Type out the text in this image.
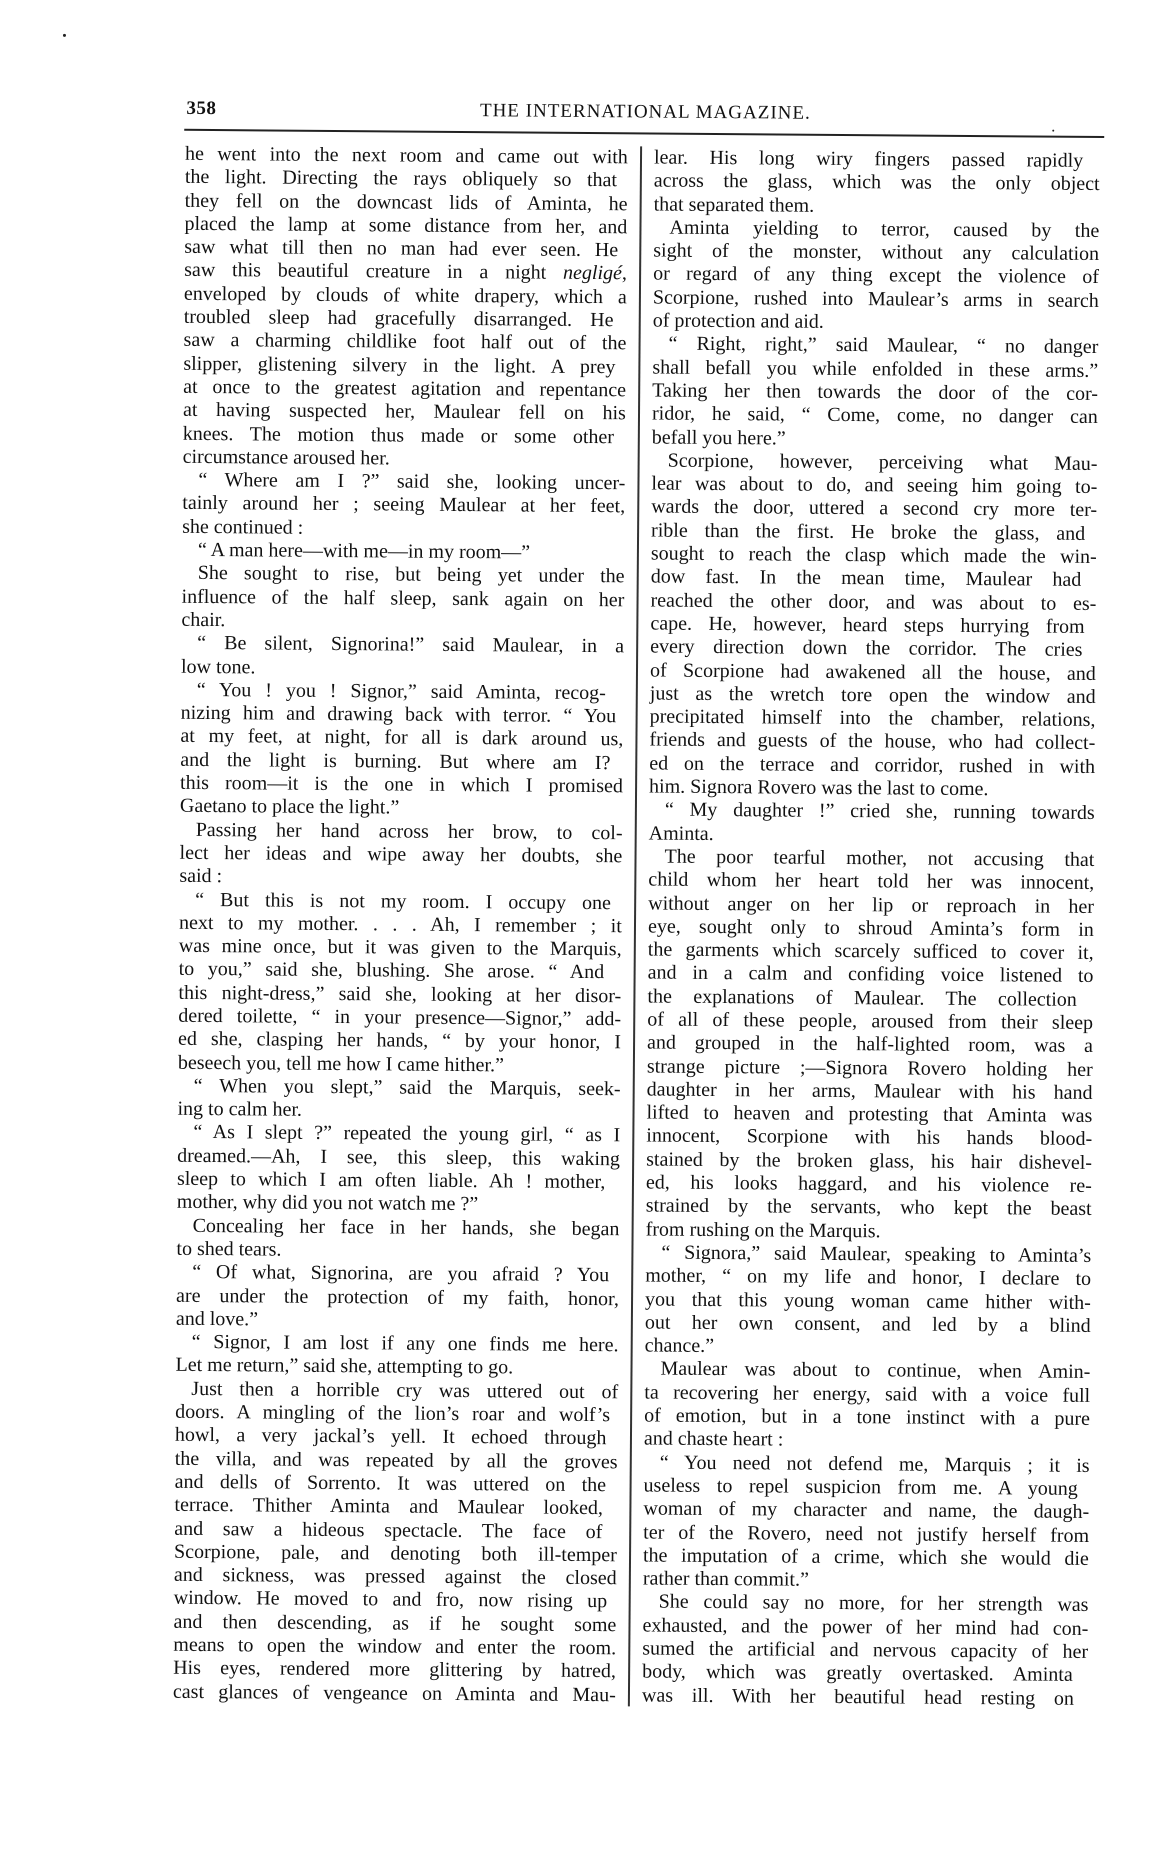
358	THE INTERNATIONAL MAGAZINE.
he went into the next room and came out with
the light. Directing the rays obliquely so that
they fell on the downcast lids of Aminta, he
placed the lamp at some distance from her, and
saw what till then no man had ever seen. He
saw this beautiful creature in a night negligé,
enveloped by clouds of white drapery, which a
troubled sleep had gracefully disarranged. He
saw a charming childlike foot half out of the
slipper, glistening silvery in the light. A prey
at once to the greatest agitation and repentance
at having suspected her, Maulear fell on his
knees. The motion thus made or some other
circumstance aroused her.
“ Where am I ?” said she, looking uncer-
tainly around her ; seeing Maulear at her feet,
she continued :
“ A man here—with me—in my room—”
She sought to rise, but being yet under the
influence of the half sleep, sank again on her
chair.
“ Be silent, Signorina!” said Maulear, in a
low tone.
“ You ! you ! Signor,” said Aminta, recog-
nizing him and drawing back with terror. “ You
at my feet, at night, for all is dark around us,
and the light is burning. But where am I?
this room—it is the one in which I promised
Gaetano to place the light.”
Passing her hand across her brow, to col-
lect her ideas and wipe away her doubts, she
said :
“ But this is not my room. I occupy one
next to my mother. . . . Ah, I remember ; it
was mine once, but it was given to the Marquis,
to you,” said she, blushing. She arose. “ And
this night-dress,” said she, looking at her disor-
dered toilette, “ in your presence—Signor,” add-
ed she, clasping her hands, “ by your honor, I
beseech you, tell me how I came hither.”
“ When you slept,” said the Marquis, seek-
ing to calm her.
“ As I slept ?” repeated the young girl, “ as I
dreamed.—Ah, I see, this sleep, this waking
sleep to which I am often liable. Ah ! mother,
mother, why did you not watch me ?”
Concealing her face in her hands, she began
to shed tears.
“ Of what, Signorina, are you afraid ? You
are under the protection of my faith, honor,
and love.”
“ Signor, I am lost if any one finds me here.
Let me return,” said she, attempting to go.
Just then a horrible cry was uttered out of
doors. A mingling of the lion’s roar and wolf’s
howl, a very jackal’s yell. It echoed through
the villa, and was repeated by all the groves
and dells of Sorrento. It was uttered on the
terrace. Thither Aminta and Maulear looked,
and saw a hideous spectacle. The face of
Scorpione, pale, and denoting both ill-temper
and sickness, was pressed against the closed
window. He moved to and fro, now rising up
and then descending, as if he sought some
means to open the window and enter the room.
His eyes, rendered more glittering by hatred,
cast glances of vengeance on Aminta and Mau-
lear. His long wiry fingers passed rapidly
across the glass, which was the only object
that separated them.
Aminta yielding to terror, caused by the
sight of the monster, without any calculation
or regard of any thing except the violence of
Scorpione, rushed into Maulear’s arms in search
of protection and aid.
“ Right, right,” said Maulear, “ no danger
shall befall you while enfolded in these arms.”
Taking her then towards the door of the cor-
ridor, he said, “ Come, come, no danger can
befall you here.”
Scorpione, however, perceiving what Mau-
lear was about to do, and seeing him going to-
wards the door, uttered a second cry more ter-
rible than the first. He broke the glass, and
sought to reach the clasp which made the win-
dow fast. In the mean time, Maulear had
reached the other door, and was about to es-
cape. He, however, heard steps hurrying from
every direction down the corridor. The cries
of Scorpione had awakened all the house, and
just as the wretch tore open the window and
precipitated himself into the chamber, relations,
friends and guests of the house, who had collect-
ed on the terrace and corridor, rushed in with
him. Signora Rovero was the last to come.
“ My daughter !” cried she, running towards
Aminta.
The poor tearful mother, not accusing that
child whom her heart told her was innocent,
without anger on her lip or reproach in her
eye, sought only to shroud Aminta’s form in
the garments which scarcely sufficed to cover it,
and in a calm and confiding voice listened to
the explanations of Maulear. The collection
of all of these people, aroused from their sleep
and grouped in the half-lighted room, was a
strange picture ;—Signora Rovero holding her
daughter in her arms, Maulear with his hand
lifted to heaven and protesting that Aminta was
innocent, Scorpione with his hands blood-
stained by the broken glass, his hair dishevel-
ed, his looks haggard, and his violence re-
strained by the servants, who kept the beast
from rushing on the Marquis.
“ Signora,” said Maulear, speaking to Aminta’s
mother, “ on my life and honor, I declare to
you that this young woman came hither with-
out her own consent, and led by a blind
chance.”
Maulear was about to continue, when Amin-
ta recovering her energy, said with a voice full
of emotion, but in a tone instinct with a pure
and chaste heart :
“ You need not defend me, Marquis ; it is
useless to repel suspicion from me. A young
woman of my character and name, the daugh-
ter of the Rovero, need not justify herself from
the imputation of a crime, which she would die
rather than commit.”
She could say no more, for her strength was
exhausted, and the power of her mind had con-
sumed the artificial and nervous capacity of her
body, which was greatly overtasked. Aminta
was ill. With her beautiful head resting on
